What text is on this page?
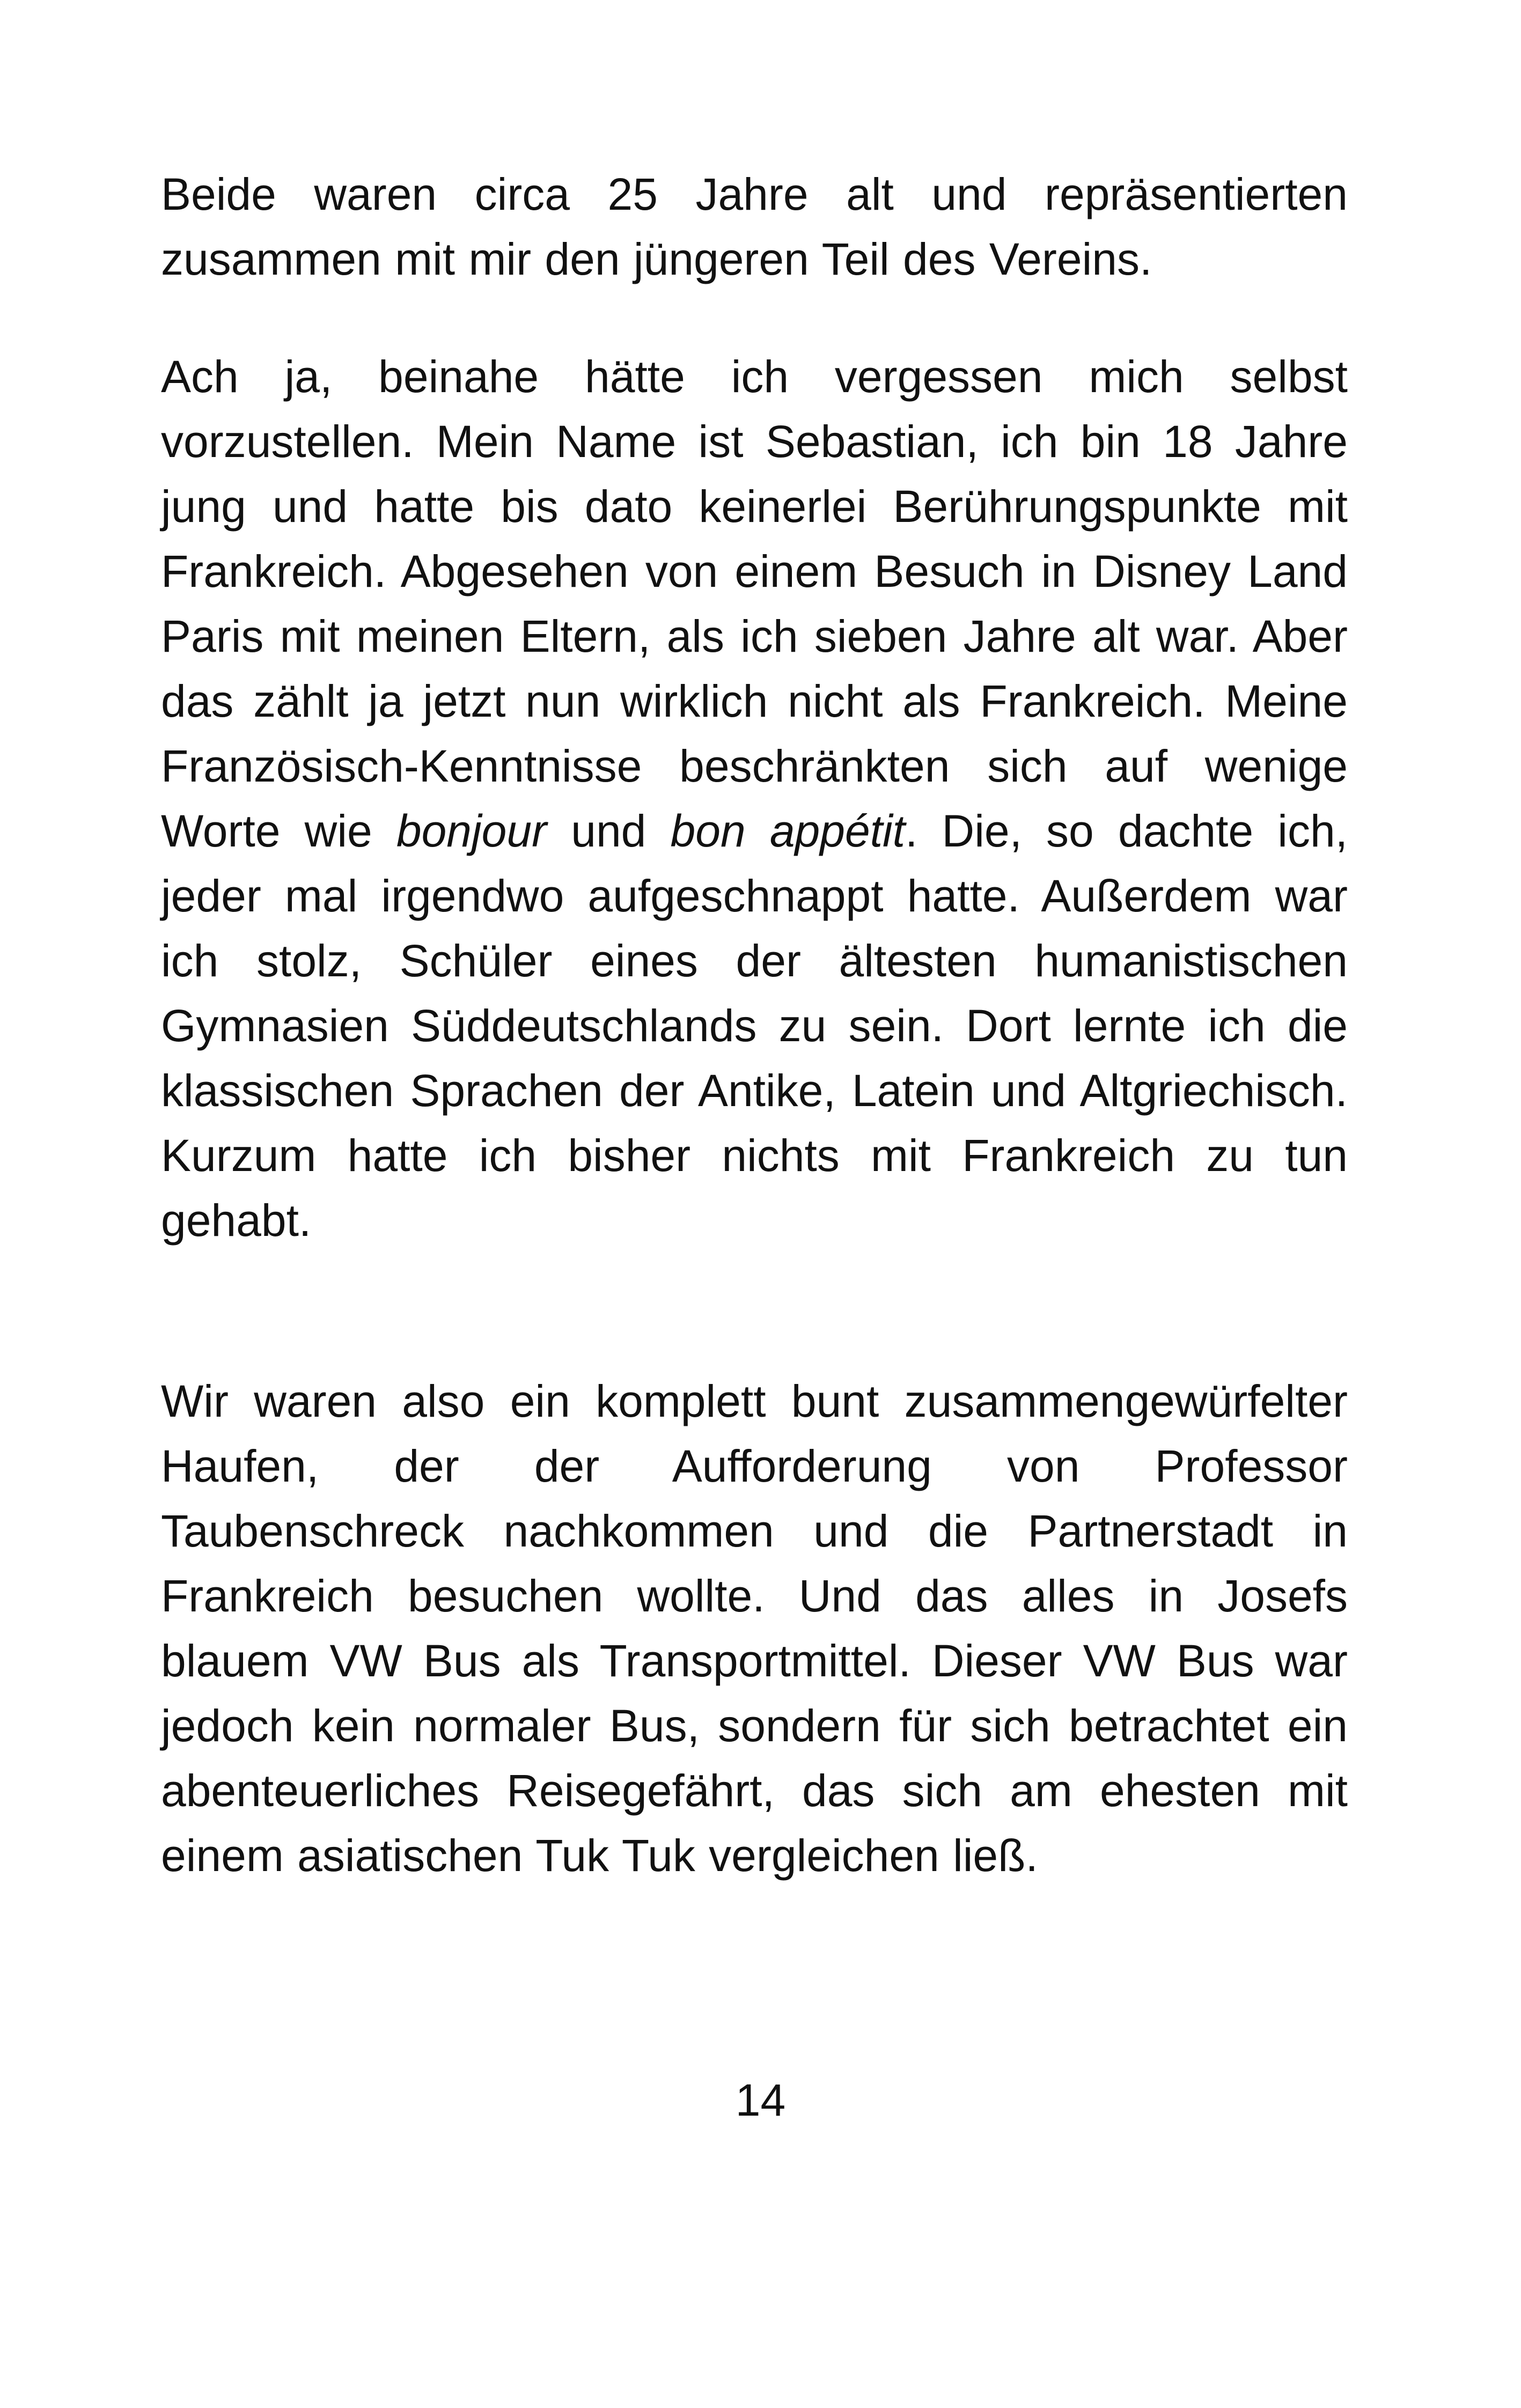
Beide waren circa 25 Jahre alt und repräsentierten zusammen mit mir den jüngeren Teil des Vereins.

Ach ja, beinahe hätte ich vergessen mich selbst vorzustellen. Mein Name ist Sebastian, ich bin 18 Jahre jung und hatte bis dato keinerlei Berührungspunkte mit Frankreich. Abgesehen von einem Besuch in Disney Land Paris mit meinen Eltern, als ich sieben Jahre alt war. Aber das zählt ja jetzt nun wirklich nicht als Frankreich. Meine Französisch-Kenntnisse beschränkten sich auf wenige Worte wie bonjour und bon appétit. Die, so dachte ich, jeder mal irgendwo aufgeschnappt hatte. Außerdem war ich stolz, Schüler eines der ältesten humanistischen Gymnasien Süddeutschlands zu sein. Dort lernte ich die klassischen Sprachen der Antike, Latein und Altgriechisch. Kurzum hatte ich bisher nichts mit Frankreich zu tun gehabt.

Wir waren also ein komplett bunt zusammengewürfelter Haufen, der der Aufforderung von Professor Taubenschreck nachkommen und die Partnerstadt in Frankreich besuchen wollte. Und das alles in Josefs blauem VW Bus als Transportmittel. Dieser VW Bus war jedoch kein normaler Bus, sondern für sich betrachtet ein abenteuerliches Reisegefährt, das sich am ehesten mit einem asiatischen Tuk Tuk vergleichen ließ.

14
